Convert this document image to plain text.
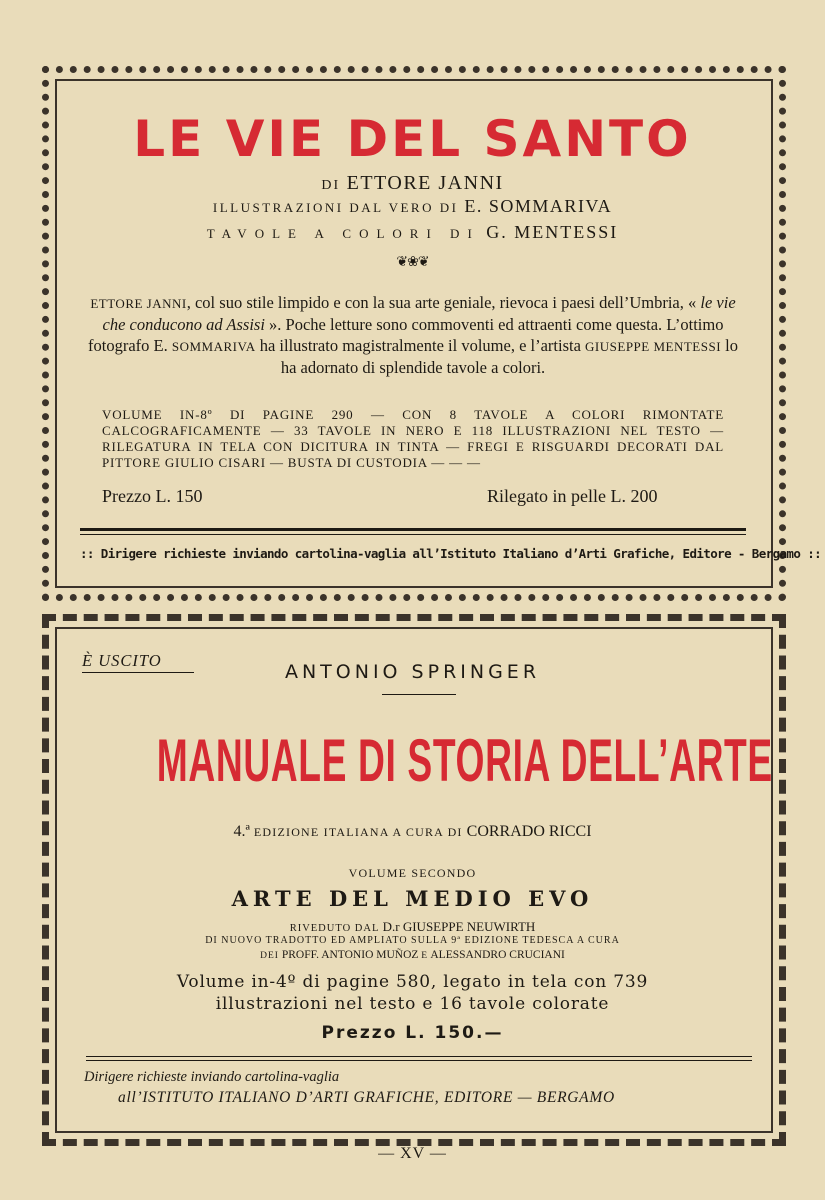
LE VIE DEL SANTO
DI ETTORE JANNI
ILLUSTRAZIONI DAL VERO DI E. SOMMARIVA
TAVOLE A COLORI DI G. MENTESSI
❦❀❦
ETTORE JANNI, col suo stile limpido e con la sua arte geniale, rievoca i paesi dell’Umbria, « le vie che conducono ad Assisi ». Poche letture sono commoventi ed attraenti come questa. L’ottimo fotografo E. SOMMARIVA ha illustrato magistralmente il volume, e l’artista GIUSEPPE MENTESSI lo ha adornato di splendide tavole a colori.
VOLUME IN-8º DI PAGINE 290 — CON 8 TAVOLE A COLORI RIMONTATE CALCOGRAFICAMENTE — 33 TAVOLE IN NERO E 118 ILLUSTRAZIONI NEL TESTO — RILEGATURA IN TELA CON DICITURA IN TINTA — FREGI E RISGUARDI DECORATI DAL PITTORE GIULIO CISARI — BUSTA DI CUSTODIA — — —
Prezzo L. 150	Rilegato in pelle L. 200
:: Dirigere richieste inviando cartolina-vaglia all’Istituto Italiano d’Arti Grafiche, Editore - Bergamo ::
È USCITO
ANTONIO SPRINGER
MANUALE DI STORIA DELL’ARTE
4.ª EDIZIONE ITALIANA A CURA DI CORRADO RICCI
VOLUME SECONDO
ARTE DEL MEDIO EVO
RIVEDUTO DAL D.r GIUSEPPE NEUWIRTH
DI NUOVO TRADOTTO ED AMPLIATO SULLA 9ª EDIZIONE TEDESCA A CURA
DEI PROFF. ANTONIO MUÑOZ E ALESSANDRO CRUCIANI
Volume in-4º di pagine 580, legato in tela con 739
illustrazioni nel testo e 16 tavole colorate
Prezzo L. 150.—
Dirigere richieste inviando cartolina-vaglia
all’ISTITUTO ITALIANO D’ARTI GRAFICHE, EDITORE — BERGAMO
— XV —
